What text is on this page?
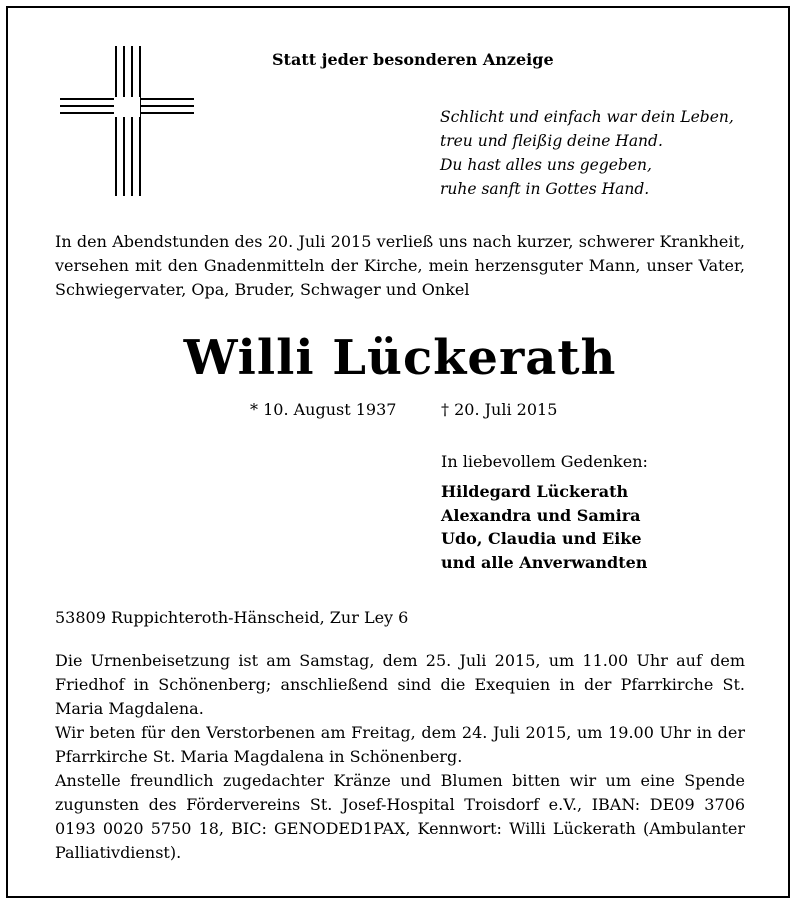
Statt jeder besonderen Anzeige
Schlicht und einfach war dein Leben,
treu und fleißig deine Hand.
Du hast alles uns gegeben,
ruhe sanft in Gottes Hand.

In den Abendstunden des 20. Juli 2015 verließ uns nach kurzer, schwerer Krankheit, versehen mit den Gnadenmitteln der Kirche, mein herzensguter Mann, unser Vater, Schwiegervater, Opa, Bruder, Schwager und Onkel

Willi Lückerath
* 10. August 1937	† 20. Juli 2015
In liebevollem Gedenken:
Hildegard Lückerath
Alexandra und Samira
Udo, Claudia und Eike
und alle Anverwandten
53809 Ruppichteroth-Hänscheid, Zur Ley 6

Die Urnenbeisetzung ist am Samstag, dem 25. Juli 2015, um 11.00 Uhr auf dem Friedhof in Schönenberg; anschließend sind die Exequien in der Pfarrkirche St. Maria Magdalena.

Wir beten für den Verstorbenen am Freitag, dem 24. Juli 2015, um 19.00 Uhr in der Pfarrkirche St. Maria Magdalena in Schönenberg.

Anstelle freundlich zugedachter Kränze und Blumen bitten wir um eine Spende zugunsten des Fördervereins St. Josef-Hospital Troisdorf e.V., IBAN: DE09 3706 0193 0020 5750 18, BIC: GENODED1PAX, Kennwort: Willi Lückerath (Ambulanter Palliativdienst).
